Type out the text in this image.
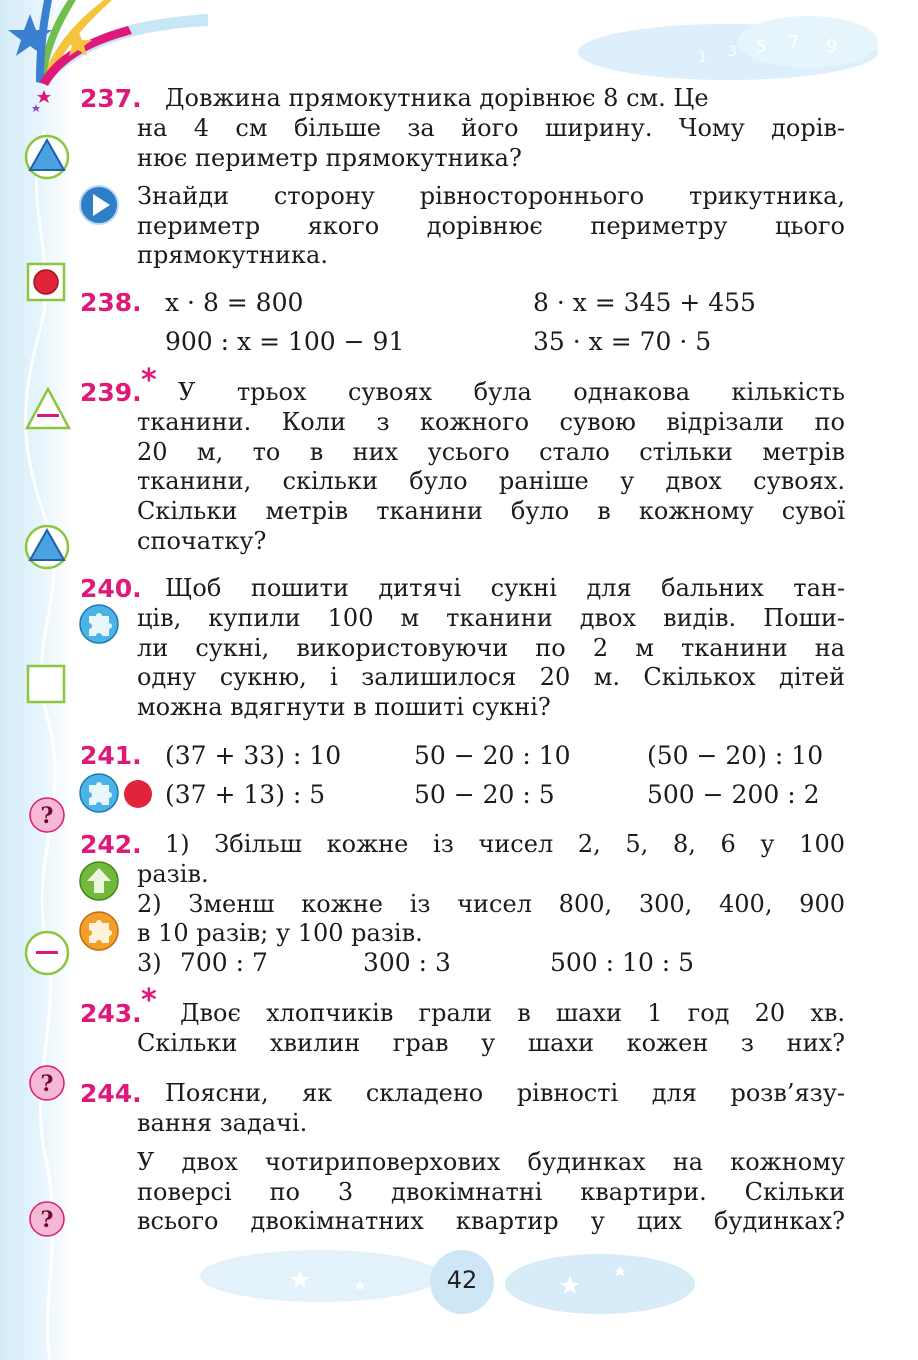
1 3 5 7 9
?
?
?
237. Довжина прямокутника дорівнює 8 см. Це
на 4 см більше за його ширину. Чому дорів-
нює периметр прямокутника?
Знайди сторону рівностороннього трикутника,
периметр якого дорівнює периметру цього
прямокутника.
238. x · 8 = 800	8 · x = 345 + 455
900 : x = 100 − 91	35 · x = 70 · 5
239. * У трьох сувоях була однакова кількість
тканини. Коли з кожного сувою відрізали по
20 м, то в них усього стало стільки метрів
тканини, скільки було раніше у двох сувоях.
Скільки метрів тканини було в кожному сувої
спочатку?
240. Щоб пошити дитячі сукні для бальних тан-
ців, купили 100 м тканини двох видів. Поши-
ли сукні, використовуючи по 2 м тканини на
одну сукню, і залишилося 20 м. Скількох дітей
можна вдягнути в пошиті сукні?
241. (37 + 33) : 10	50 − 20 : 10	(50 − 20) : 10
(37 + 13) : 5	50 − 20 : 5	500 − 200 : 2
242. 1) Збільш кожне із чисел 2, 5, 8, 6 у 100
разів.
2) Зменш кожне із чисел 800, 300, 400, 900
в 10 разів; у 100 разів.
3) 700 : 7	300 : 3	500 : 10 : 5
243. * Двоє хлопчиків грали в шахи 1 год 20 хв.
Скільки хвилин грав у шахи кожен з них?
244. Поясни, як складено рівності для розв’язу-
вання задачі.
У двох чотириповерхових будинках на кожному
поверсі по 3 двокімнатні квартири. Скільки
всього двокімнатних квартир у цих будинках?
42
